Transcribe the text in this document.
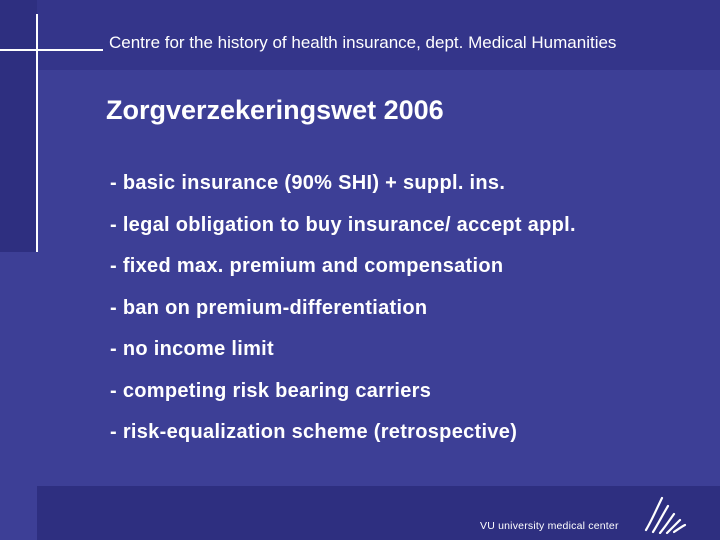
Centre for the history of health insurance, dept. Medical Humanities
Zorgverzekeringswet 2006
- basic insurance (90% SHI) + suppl. ins.
- legal obligation to buy insurance/ accept appl.
- fixed max. premium and compensation
- ban on premium-differentiation
- no income limit
- competing risk bearing carriers
- risk-equalization scheme (retrospective)
VU university medical center
